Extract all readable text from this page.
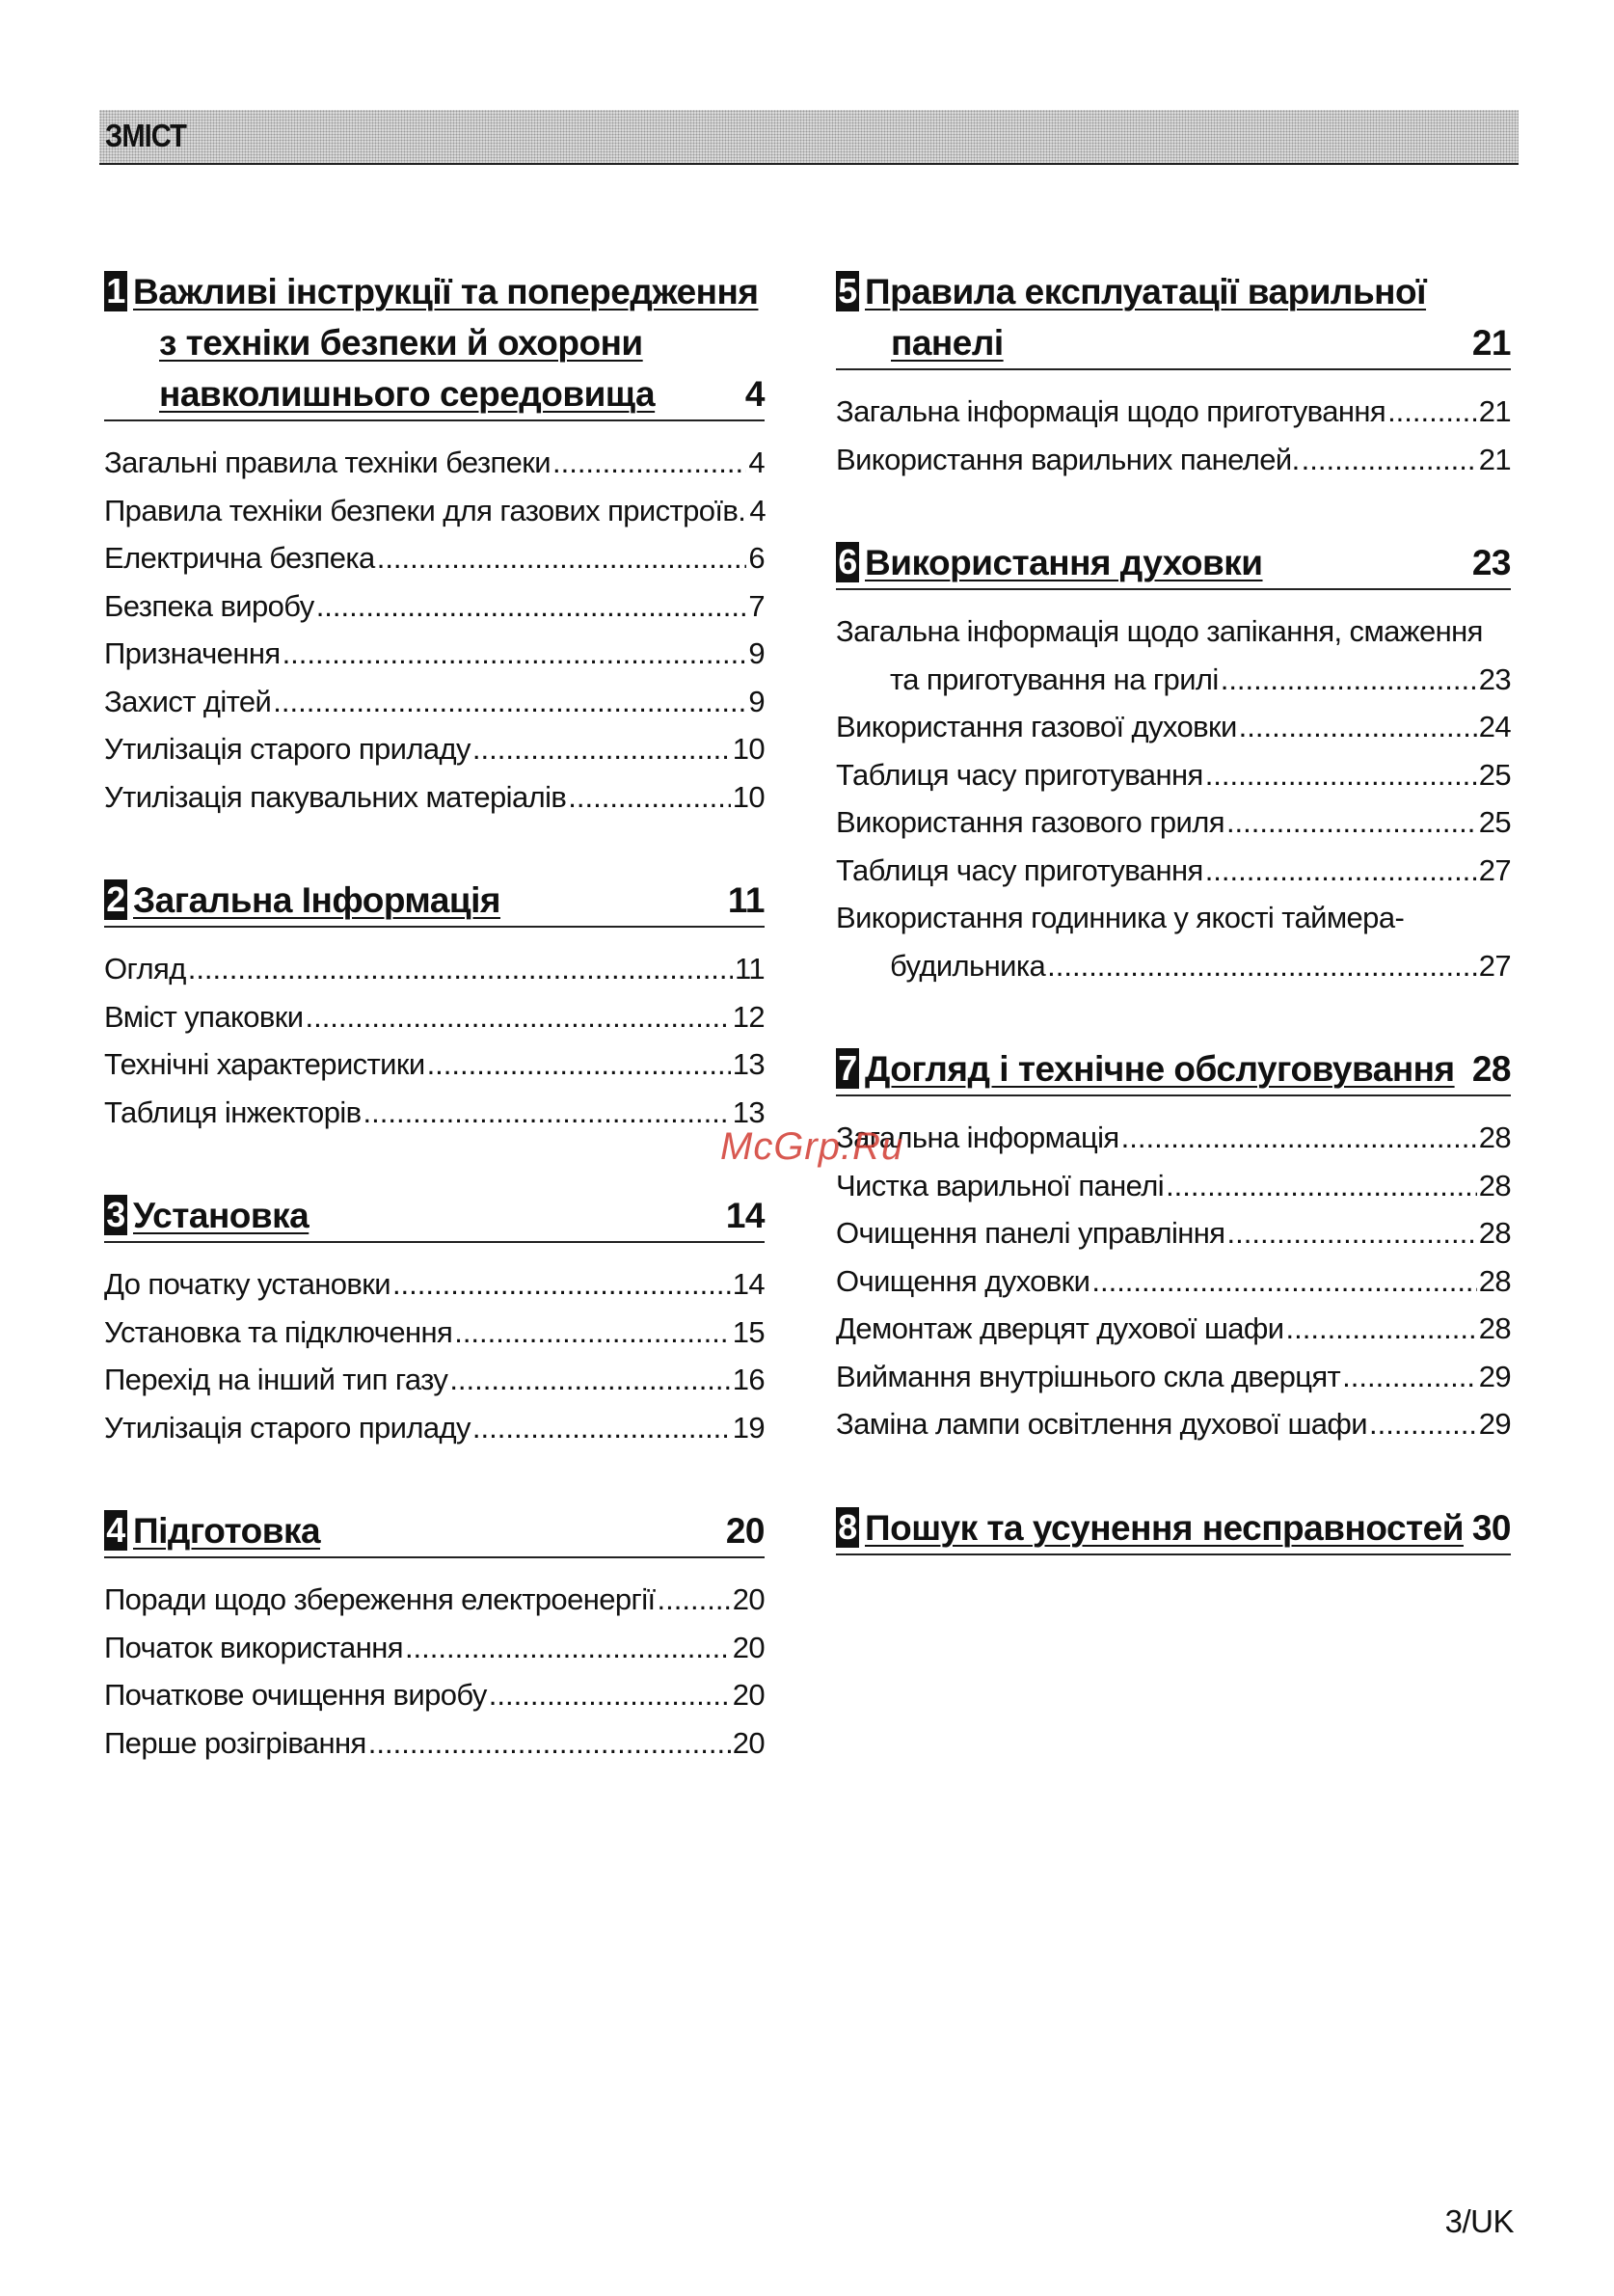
ЗМІСТ
1 Важливі інструкції та попередження
з техніки безпеки й охорони
навколишнього середовища	4
Загальні правила техніки безпеки .....	4
Правила техніки безпеки для газових пристроїв. 4
Електрична безпека .....	6
Безпека виробу .....	7
Призначення .....	9
Захист дітей .....	9
Утилізація старого приладу .....	10
Утилізація пакувальних матеріалів .....	10
2 Загальна Інформація	11
Огляд .....	11
Вміст упаковки .....	12
Технічні характеристики .....	13
Таблиця інжекторів .....	13
3 Установка	14
До початку установки .....	14
Установка та підключення .....	15
Перехід на інший тип газу .....	16
Утилізація старого приладу .....	19
4 Підготовка	20
Поради щодо збереження електроенергії .....	20
Початок використання .....	20
Початкове очищення виробу .....	20
Перше розігрівання .....	20
5 Правила експлуатації варильної
панелі	21
Загальна інформація щодо приготування .....	21
Використання варильних панелей. .....	21
6 Використання духовки	23
Загальна інформація щодо запікання, смаження
та приготування на грилі .....	23
Використання газової духовки .....	24
Таблиця часу приготування .....	25
Використання газового гриля .....	25
Таблиця часу приготування .....	27
Використання годинника у якості таймера-
будильника .....	27
7 Догляд і технічне обслуговування 28
Загальна інформація .....	28
Чистка варильної панелі .....	28
Очищення панелі управління .....	28
Очищення духовки .....	28
Демонтаж дверцят духової шафи .....	28
Виймання внутрішнього скла дверцят .....	29
Заміна лампи освітлення духової шафи .....	29
8 Пошук та усунення несправностей 30
McGrp.Ru
3/UK
